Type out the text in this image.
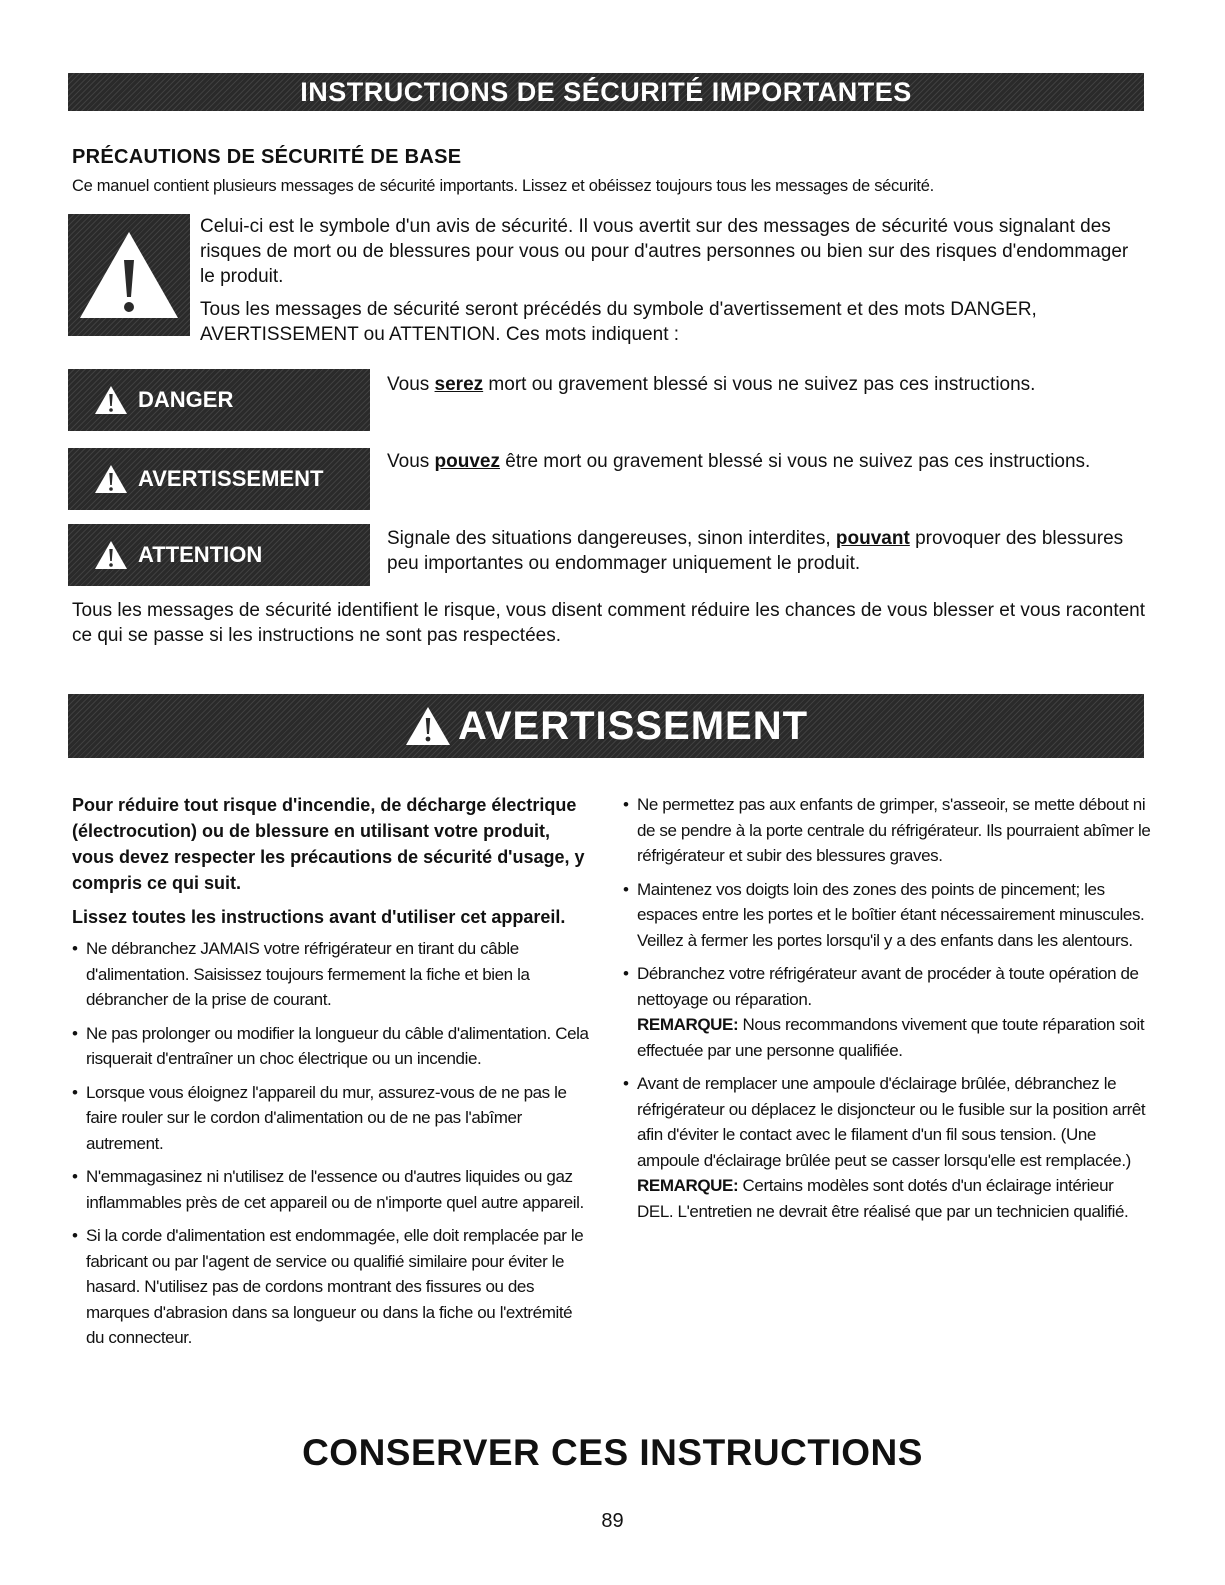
INSTRUCTIONS DE SÉCURITÉ IMPORTANTES
PRÉCAUTIONS DE SÉCURITÉ DE BASE
Ce manuel contient plusieurs messages de sécurité importants. Lissez et obéissez toujours tous les messages de sécurité.

Celui-ci est le symbole d'un avis de sécurité. Il vous avertit sur des messages de sécurité vous signalant des risques de mort ou de blessures pour vous ou pour d'autres personnes ou bien sur des risques d'endommager le produit.

Tous les messages de sécurité seront précédés du symbole d'avertissement et des mots DANGER, AVERTISSEMENT ou ATTENTION. Ces mots indiquent :

DANGER
Vous serez mort ou gravement blessé si vous ne suivez pas ces instructions.
AVERTISSEMENT
Vous pouvez être mort ou gravement blessé si vous ne suivez pas ces instructions.
ATTENTION
Signale des situations dangereuses, sinon interdites, pouvant provoquer des blessures peu importantes ou endommager uniquement le produit.
Tous les messages de sécurité identifient le risque, vous disent comment réduire les chances de vous blesser et vous racontent ce qui se passe si les instructions ne sont pas respectées.
AVERTISSEMENT

Pour réduire tout risque d'incendie, de décharge électrique (électrocution) ou de blessure en utilisant votre produit, vous devez respecter les précautions de sécurité d'usage, y compris ce qui suit.

Lissez toutes les instructions avant d'utiliser cet appareil.

• Ne débranchez JAMAIS votre réfrigérateur en tirant du câble d'alimentation. Saisissez toujours fermement la fiche et bien la débrancher de la prise de courant.
• Ne pas prolonger ou modifier la longueur du câble d'alimentation. Cela risquerait d'entraîner un choc électrique ou un incendie.
• Lorsque vous éloignez l'appareil du mur, assurez-vous de ne pas le faire rouler sur le cordon d'alimentation ou de ne pas l'abîmer autrement.
• N'emmagasinez ni n'utilisez de l'essence ou d'autres liquides ou gaz inflammables près de cet appareil ou de n'importe quel autre appareil.
• Si la corde d'alimentation est endommagée, elle doit remplacée par le fabricant ou par l'agent de service ou qualifié similaire pour éviter le hasard. N'utilisez pas de cordons montrant des fissures ou des marques d'abrasion dans sa longueur ou dans la fiche ou l'extrémité du connecteur.
• Ne permettez pas aux enfants de grimper, s'asseoir, se mette débout ni de se pendre à la porte centrale du réfrigérateur. Ils pourraient abîmer le réfrigérateur et subir des blessures graves.
• Maintenez vos doigts loin des zones des points de pincement; les espaces entre les portes et le boîtier étant nécessairement minuscules. Veillez à fermer les portes lorsqu'il y a des enfants dans les alentours.
• Débranchez votre réfrigérateur avant de procéder à toute opération de nettoyage ou réparation.
REMARQUE: Nous recommandons vivement que toute réparation soit effectuée par une personne qualifiée.
• Avant de remplacer une ampoule d'éclairage brûlée, débranchez le réfrigérateur ou déplacez le disjoncteur ou le fusible sur la position arrêt afin d'éviter le contact avec le filament d'un fil sous tension. (Une ampoule d'éclairage brûlée peut se casser lorsqu'elle est remplacée.)
REMARQUE: Certains modèles sont dotés d'un éclairage intérieur DEL. L'entretien ne devrait être réalisé que par un technicien qualifié.
CONSERVER CES INSTRUCTIONS
89
